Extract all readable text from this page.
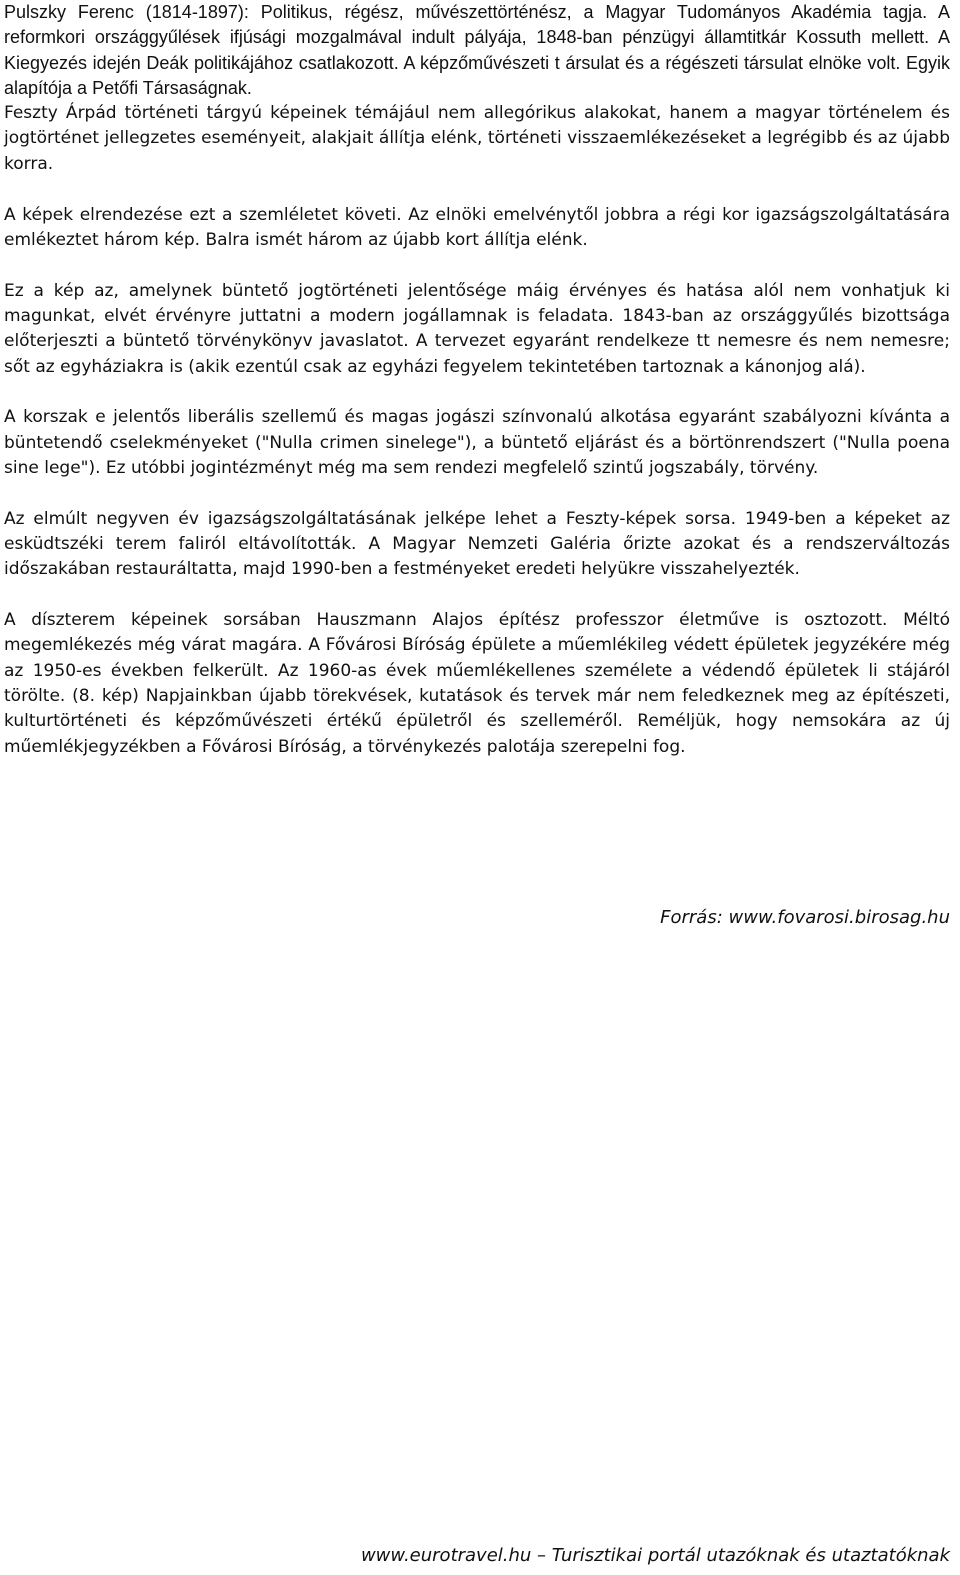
Pulszky Ferenc (1814-1897): Politikus, régész, művészettörténész, a Magyar Tudományos Akadémia tagja. A reformkori országgyűlések ifjúsági mozgalmával indult pályája, 1848-ban pénzügyi államtitkár Kossuth mellett. A Kiegyezés idején Deák politikájához csatlakozott. A képzőművészeti t ársulat és a régészeti társulat elnöke volt. Egyik alapítója a Petőfi Társaságnak.

Feszty Árpád történeti tárgyú képeinek témájául nem allegórikus alakokat, hanem a magyar történelem és jogtörténet jellegzetes eseményeit, alakjait állítja elénk, történeti visszaemlékezéseket a legrégibb és az újabb korra.

A képek elrendezése ezt a szemléletet követi. Az elnöki emelvénytől jobbra a régi kor igazságszolgáltatására emlékeztet három kép. Balra ismét három az újabb kort állítja elénk.

Ez a kép az, amelynek büntető jogtörténeti jelentősége máig érvényes és hatása alól nem vonhatjuk ki magunkat, elvét érvényre juttatni a modern jogállamnak is feladata. 1843-ban az országgyűlés bizottsága előterjeszti a büntető törvénykönyv javaslatot. A tervezet egyaránt rendelkeze tt nemesre és nem nemesre; sőt az egyháziakra is (akik ezentúl csak az egyházi fegyelem tekintetében tartoznak a kánonjog alá).

A korszak e jelentős liberális szellemű és magas jogászi színvonalú alkotása egyaránt szabályozni kívánta a büntetendő cselekményeket ("Nulla crimen sinelege"), a büntető eljárást és a börtönrendszert ("Nulla poena sine lege"). Ez utóbbi jogintézményt még ma sem rendezi megfelelő szintű jogszabály, törvény.

Az elmúlt negyven év igazságszolgáltatásának jelképe lehet a Feszty-képek sorsa. 1949-ben a képeket az esküdtszéki terem faliról eltávolították. A Magyar Nemzeti Galéria őrizte azokat és a rendszerváltozás időszakában restauráltatta, majd 1990-ben a festményeket eredeti helyükre visszahelyezték.

A díszterem képeinek sorsában Hauszmann Alajos építész professzor életműve is osztozott. Méltó megemlékezés még várat magára. A Fővárosi Bíróság épülete a műemlékileg védett épületek jegyzékére még az 1950-es években felkerült. Az 1960-as évek műemlékellenes személete a védendő épületek li stájáról törölte. (8. kép) Napjainkban újabb törekvések, kutatások és tervek már nem feledkeznek meg az építészeti, kulturtörténeti és képzőművészeti értékű épületről és szelleméről. Reméljük, hogy nemsokára az új műemlékjegyzékben a Fővárosi Bíróság, a törvénykezés palotája szerepelni fog.

Forrás: www.fovarosi.birosag.hu
www.eurotravel.hu – Turisztikai portál utazóknak és utaztatóknak
